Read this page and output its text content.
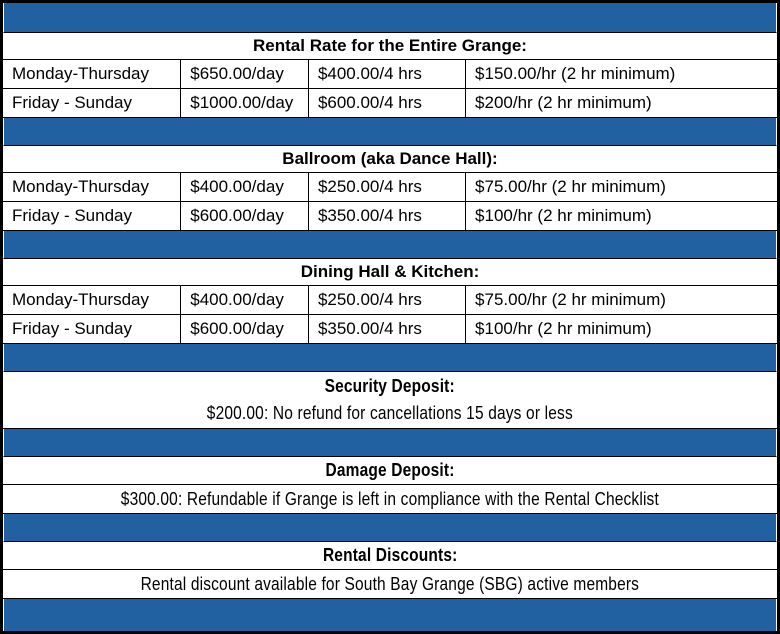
Rental Rate for the Entire Grange:
Monday-Thursday	$650.00/day	$400.00/4 hrs	$150.00/hr (2 hr minimum)
Friday - Sunday	$1000.00/day	$600.00/4 hrs	$200/hr (2 hr minimum)
Ballroom (aka Dance Hall):
Monday-Thursday	$400.00/day	$250.00/4 hrs	$75.00/hr (2 hr minimum)
Friday - Sunday	$600.00/day	$350.00/4 hrs	$100/hr (2 hr minimum)
Dining Hall & Kitchen:
Monday-Thursday	$400.00/day	$250.00/4 hrs	$75.00/hr (2 hr minimum)
Friday - Sunday	$600.00/day	$350.00/4 hrs	$100/hr (2 hr minimum)
Security Deposit:
$200.00: No refund for cancellations 15 days or less
Damage Deposit:
$300.00: Refundable if Grange is left in compliance with the Rental Checklist
Rental Discounts:
Rental discount available for South Bay Grange (SBG) active members
